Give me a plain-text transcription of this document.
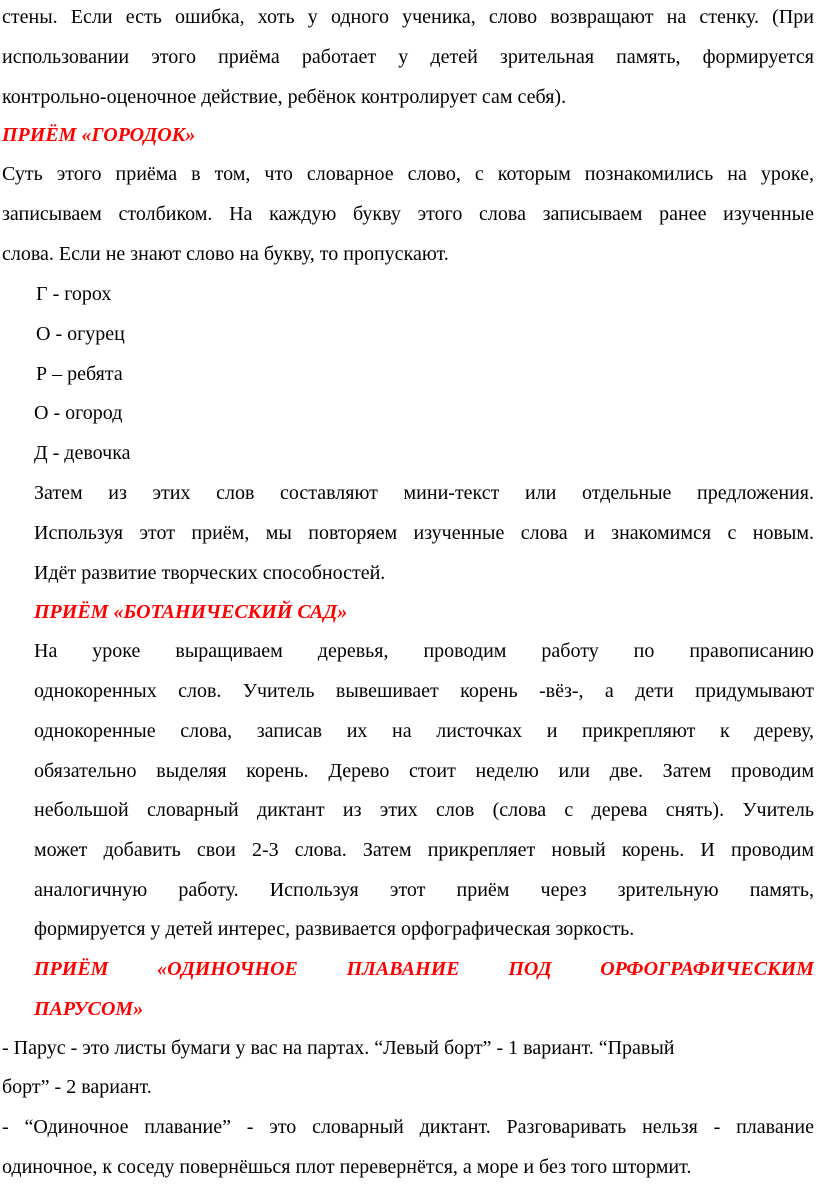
стены. Если есть ошибка, хоть у одного ученика, слово возвращают на стенку. (При
использовании этого приёма работает у детей зрительная память, формируется
контрольно-оценочное действие, ребёнок контролирует сам себя).
ПРИЁМ «ГОРОДОК»
Суть этого приёма в том, что словарное слово, с которым познакомились на уроке,
записываем столбиком. На каждую букву этого слова записываем ранее изученные
слова. Если не знают слово на букву, то пропускают.
Г - горох
О - огурец
Р – ребята
О - огород
Д - девочка
Затем из этих слов составляют мини-текст или отдельные предложения.
Используя этот приём, мы повторяем изученные слова и знакомимся с новым.
Идёт развитие творческих способностей.
ПРИЁМ «БОТАНИЧЕСКИЙ САД»
На уроке выращиваем деревья, проводим работу по правописанию
однокоренных слов. Учитель вывешивает корень -вёз-, а дети придумывают
однокоренные слова, записав их на листочках и прикрепляют к дереву,
обязательно выделяя корень. Дерево стоит неделю или две. Затем проводим
небольшой словарный диктант из этих слов (слова с дерева снять). Учитель
может добавить свои 2-3 слова. Затем прикрепляет новый корень. И проводим
аналогичную работу. Используя этот приём через зрительную память,
формируется у детей интерес, развивается орфографическая зоркость.
ПРИЁМ «ОДИНОЧНОЕ ПЛАВАНИЕ ПОД ОРФОГРАФИЧЕСКИМ
ПАРУСОМ»
- Парус - это листы бумаги у вас на партах. “Левый борт” - 1 вариант. “Правый
борт” - 2 вариант.
- “Одиночное плавание” - это словарный диктант. Разговаривать нельзя - плавание
одиночное, к соседу повернёшься плот перевернётся, а море и без того штормит.
